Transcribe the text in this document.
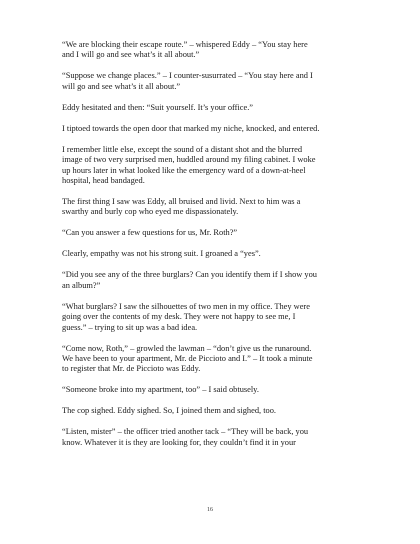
“We are blocking their escape route.” – whispered Eddy – “You stay here
and I will go and see what’s it all about.”
“Suppose we change places.” – I counter-susurrated – “You stay here and I
will go and see what’s it all about.”
Eddy hesitated and then: “Suit yourself. It’s your office.”
I tiptoed towards the open door that marked my niche, knocked, and entered.
I remember little else, except the sound of a distant shot and the blurred
image of two very surprised men, huddled around my filing cabinet. I woke
up hours later in what looked like the emergency ward of a down-at-heel
hospital, head bandaged.
The first thing I saw was Eddy, all bruised and livid. Next to him was a
swarthy and burly cop who eyed me dispassionately.
“Can you answer a few questions for us, Mr. Roth?”
Clearly, empathy was not his strong suit. I groaned a “yes”.
“Did you see any of the three burglars? Can you identify them if I show you
an album?”
“What burglars? I saw the silhouettes of two men in my office. They were
going over the contents of my desk. They were not happy to see me, I
guess.” – trying to sit up was a bad idea.
“Come now, Roth,” – growled the lawman – “don’t give us the runaround.
We have been to your apartment, Mr. de Piccioto and I.” – It took a minute
to register that Mr. de Piccioto was Eddy.
“Someone broke into my apartment, too” – I said obtusely.
The cop sighed. Eddy sighed. So, I joined them and sighed, too.
“Listen, mister” – the officer tried another tack – “They will be back, you
know. Whatever it is they are looking for, they couldn’t find it in your
16
